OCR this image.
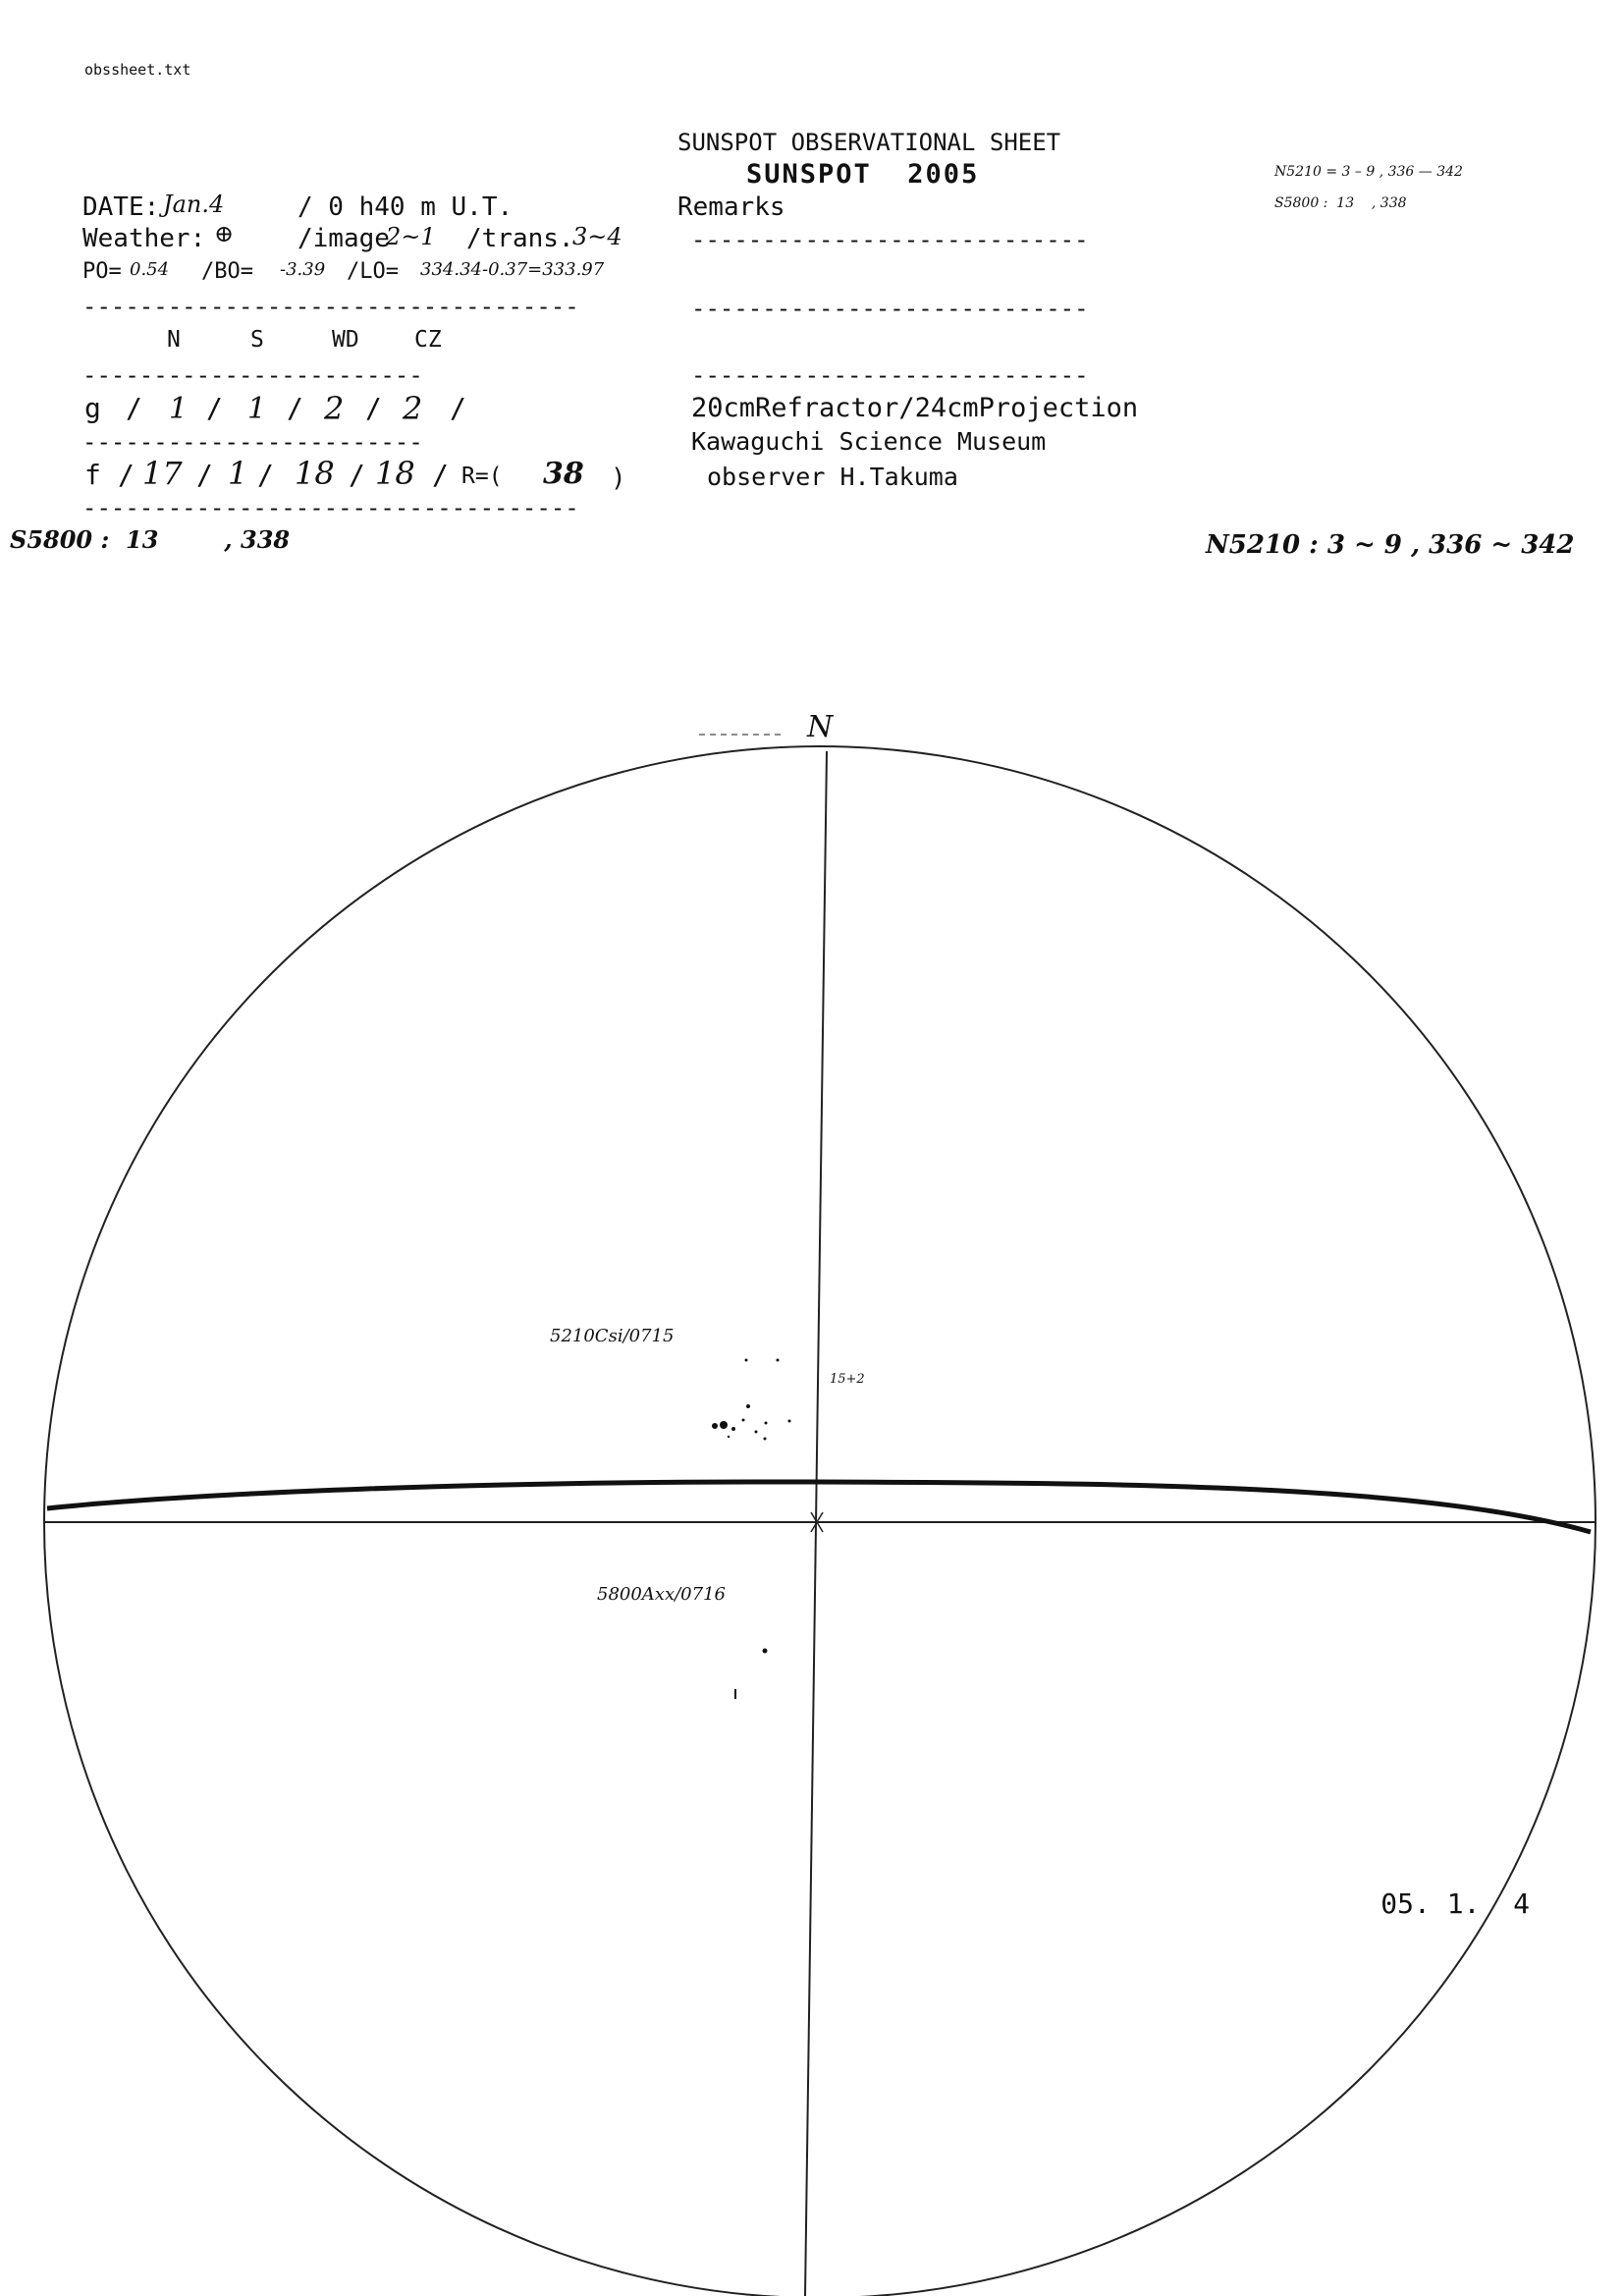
obssheet.txt
SUNSPOT OBSERVATIONAL SHEET
SUNSPOT  2005	N5210 = 3 – 9 , 336 — 342
S5800 :  13    , 338
DATE: Jan.4	/ 0 h40 m U.T.
Weather: ⊕ /image
2~1 /trans.
3~4
PO= 0.54 /BO= -3.39 /LO= 334.34-0.37=333.97
-----------------------------------
N	S	WD CZ
------------------------
g / 1 / 1 / 2 / 2 /
------------------------
f / 17 / 1 / 18 / 18 / R=( 38 )
-----------------------------------
Remarks
----------------------------
----------------------------
----------------------------
20cmRefractor/24cmProjection
Kawaguchi Science Museum
observer H.Takuma
S5800 :  13        , 338	N5210 : 3 ~ 9 , 336 ~ 342
N
5210Csi/0715
15+2
5800Axx/0716
05. 1.  4
